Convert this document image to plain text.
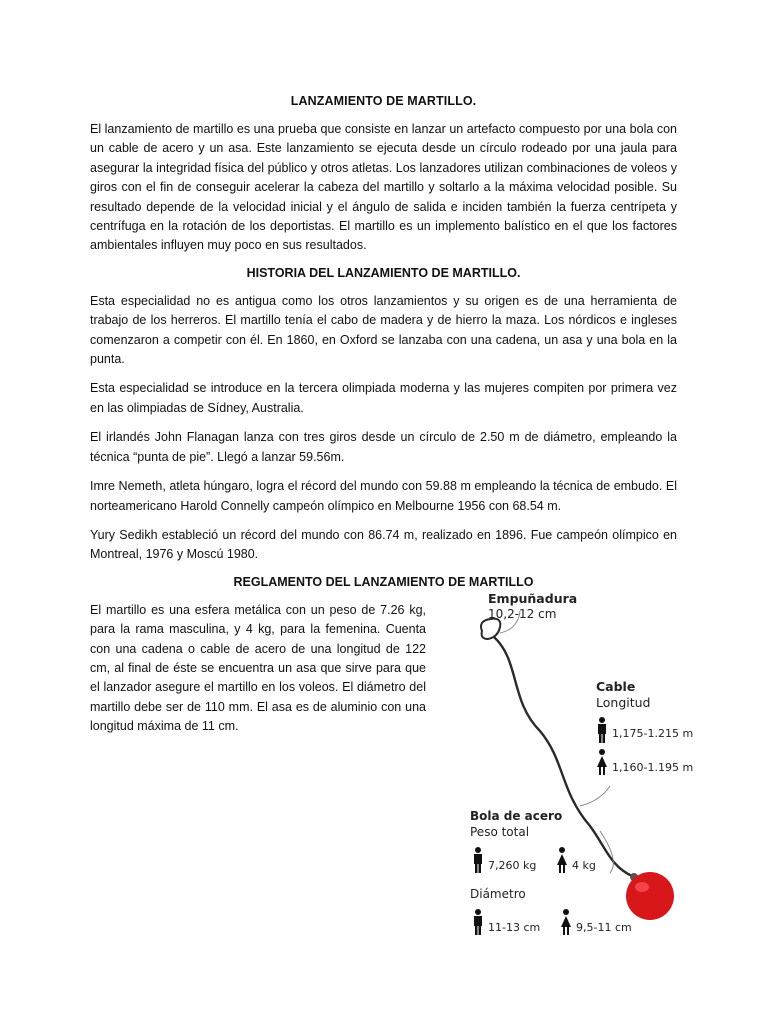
LANZAMIENTO DE MARTILLO.

El lanzamiento de martillo es una prueba que consiste en lanzar un artefacto compuesto por una bola con un cable de acero y un asa. Este lanzamiento se ejecuta desde un círculo rodeado por una jaula para asegurar la integridad física del público y otros atletas. Los lanzadores utilizan combinaciones de voleos y giros con el fin de conseguir acelerar la cabeza del martillo y soltarlo a la máxima velocidad posible. Su resultado depende de la velocidad inicial y el ángulo de salida e inciden también la fuerza centrípeta y centrífuga en la rotación de los deportistas. El martillo es un implemento balístico en el que los factores ambientales influyen muy poco en sus resultados.

HISTORIA DEL LANZAMIENTO DE MARTILLO.

Esta especialidad no es antigua como los otros lanzamientos y su origen es de una herramienta de trabajo de los herreros. El martillo tenía el cabo de madera y de hierro la maza. Los nórdicos e ingleses comenzaron a competir con él. En 1860, en Oxford se lanzaba con una cadena, un asa y una bola en la punta.

Esta especialidad se introduce en la tercera olimpiada moderna y las mujeres compiten por primera vez en las olimpiadas de Sídney, Australia.

El irlandés John Flanagan lanza con tres giros desde un círculo de 2.50 m de diámetro, empleando la técnica “punta de pie”. Llegó a lanzar 59.56m.

Imre Nemeth, atleta húngaro, logra el récord del mundo con 59.88 m empleando la técnica de embudo. El norteamericano Harold Connelly campeón olímpico en Melbourne 1956 con 68.54 m.

Yury Sedikh estableció un récord del mundo con 86.74 m, realizado en 1896. Fue campeón olímpico en Montreal, 1976 y Moscú 1980.

REGLAMENTO DEL LANZAMIENTO DE MARTILLO

El martillo es una esfera metálica con un peso de 7.26 kg, para la rama masculina, y 4 kg, para la femenina. Cuenta con una cadena o cable de acero de una longitud de 122 cm, al final de éste se encuentra un asa que sirve para que el lanzador asegure el martillo en los voleos. El diámetro del martillo debe ser de 110 mm. El asa es de aluminio con una longitud máxima de 11 cm.

Empuñadura
10,2-12 cm
Cable
Longitud
1,175-1.215 m
1,160-1.195 m
Bola de acero
Peso total
7,260 kg	4 kg
Diámetro
11-13 cm	9,5-11 cm
